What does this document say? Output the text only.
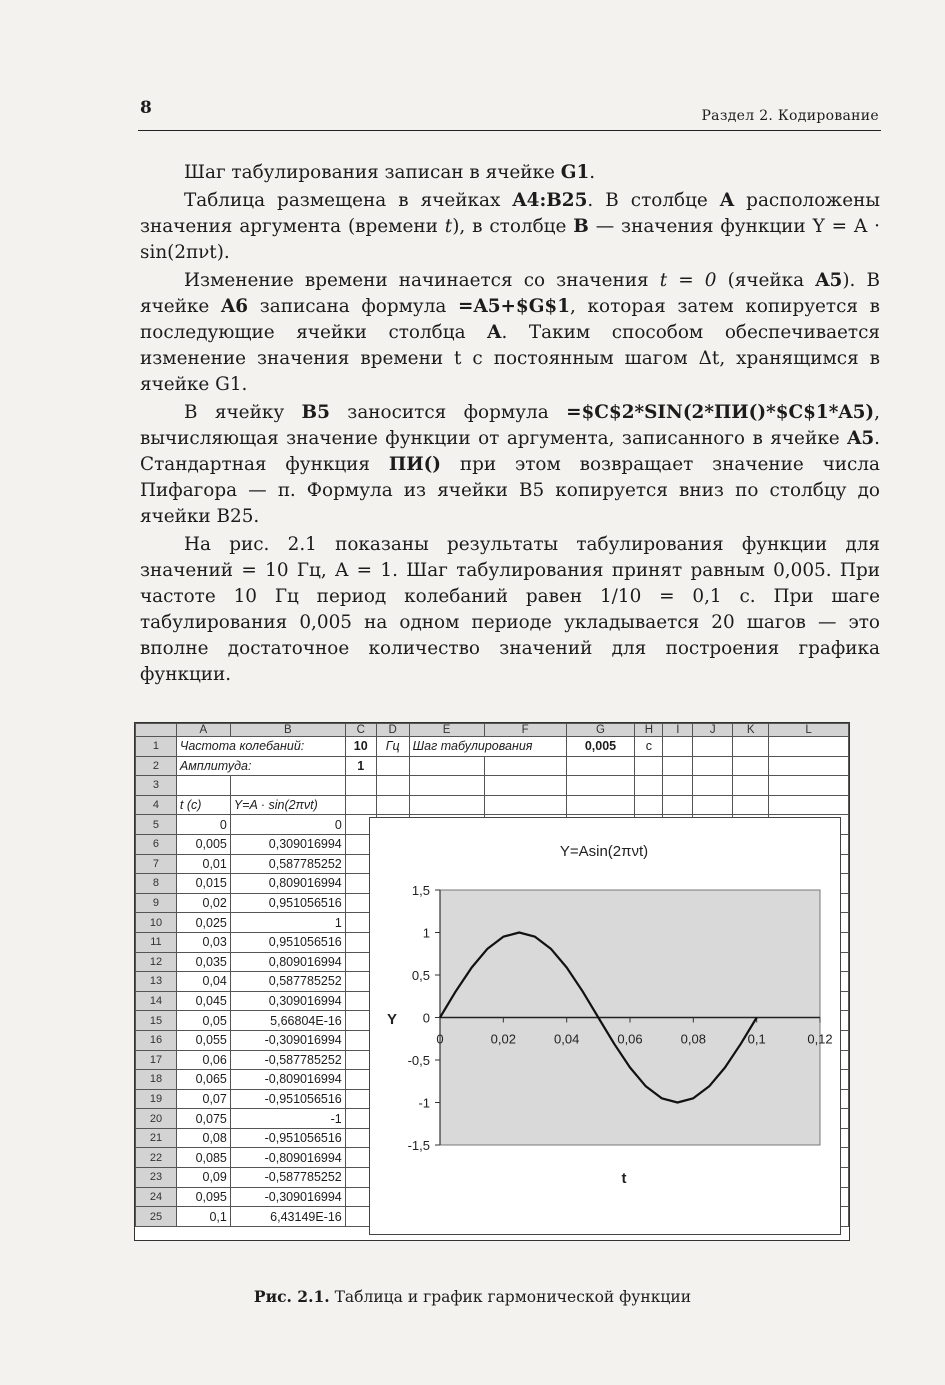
8	Раздел 2. Кодирование

Шаг табулирования записан в ячейке G1.

Таблица размещена в ячейках A4:B25. В столбце A расположены значения аргумента (времени t), в столбце B — значения функции Y = A · sin(2πνt).

Изменение времени начинается со значения t = 0 (ячейка A5). В ячейке A6 записана формула =A5+$G$1, которая затем копируется в последующие ячейки столбца A. Таким способом обеспечивается изменение значения времени t с постоянным шагом Δt, хранящимся в ячейке G1.

В ячейку B5 заносится формула =$C$2*SIN(2*ПИ()*$C$1*A5), вычисляющая значение функции от аргумента, записанного в ячейке A5. Стандартная функция ПИ() при этом возвращает значение числа Пифагора — π. Формула из ячейки B5 копируется вниз по столбцу до ячейки B25.

На рис. 2.1 показаны результаты табулирования функции для значений = 10 Гц, A = 1. Шаг табулирования принят равным 0,005. При частоте 10 Гц период колебаний равен 1/10 = 0,1 с. При шаге табулирования 0,005 на одном периоде укладывается 20 шагов — это вполне достаточное количество значений для построения графика функции.

	A	B	C	D	E	F	G	H	I	J	K	L
1	Частота колебаний:		10	Гц	Шаг табулирования		0,005	с				
2	Амплитуда:		1									
3												
4	t (c)	Y=A · sin(2πνt)										
5	0	0										
6	0,005	0,309016994										
7	0,01	0,587785252										
8	0,015	0,809016994										
9	0,02	0,951056516										
10	0,025	1										
11	0,03	0,951056516										
12	0,035	0,809016994										
13	0,04	0,587785252										
14	0,045	0,309016994										
15	0,05	5,66804E-16										
16	0,055	-0,309016994										
17	0,06	-0,587785252										
18	0,065	-0,809016994										
19	0,07	-0,951056516										
20	0,075	-1										
21	0,08	-0,951056516										
22	0,085	-0,809016994										
23	0,09	-0,587785252										
24	0,095	-0,309016994										
25	0,1	6,43149E-16										
Y=Asin(2πνt)
Y
t
1,5
1
0,5
0
-0,5
-1
-1,5
0	0,02	0,04	0,06	0,08	0,1	0,12
Рис. 2.1. Таблица и график гармонической функции
